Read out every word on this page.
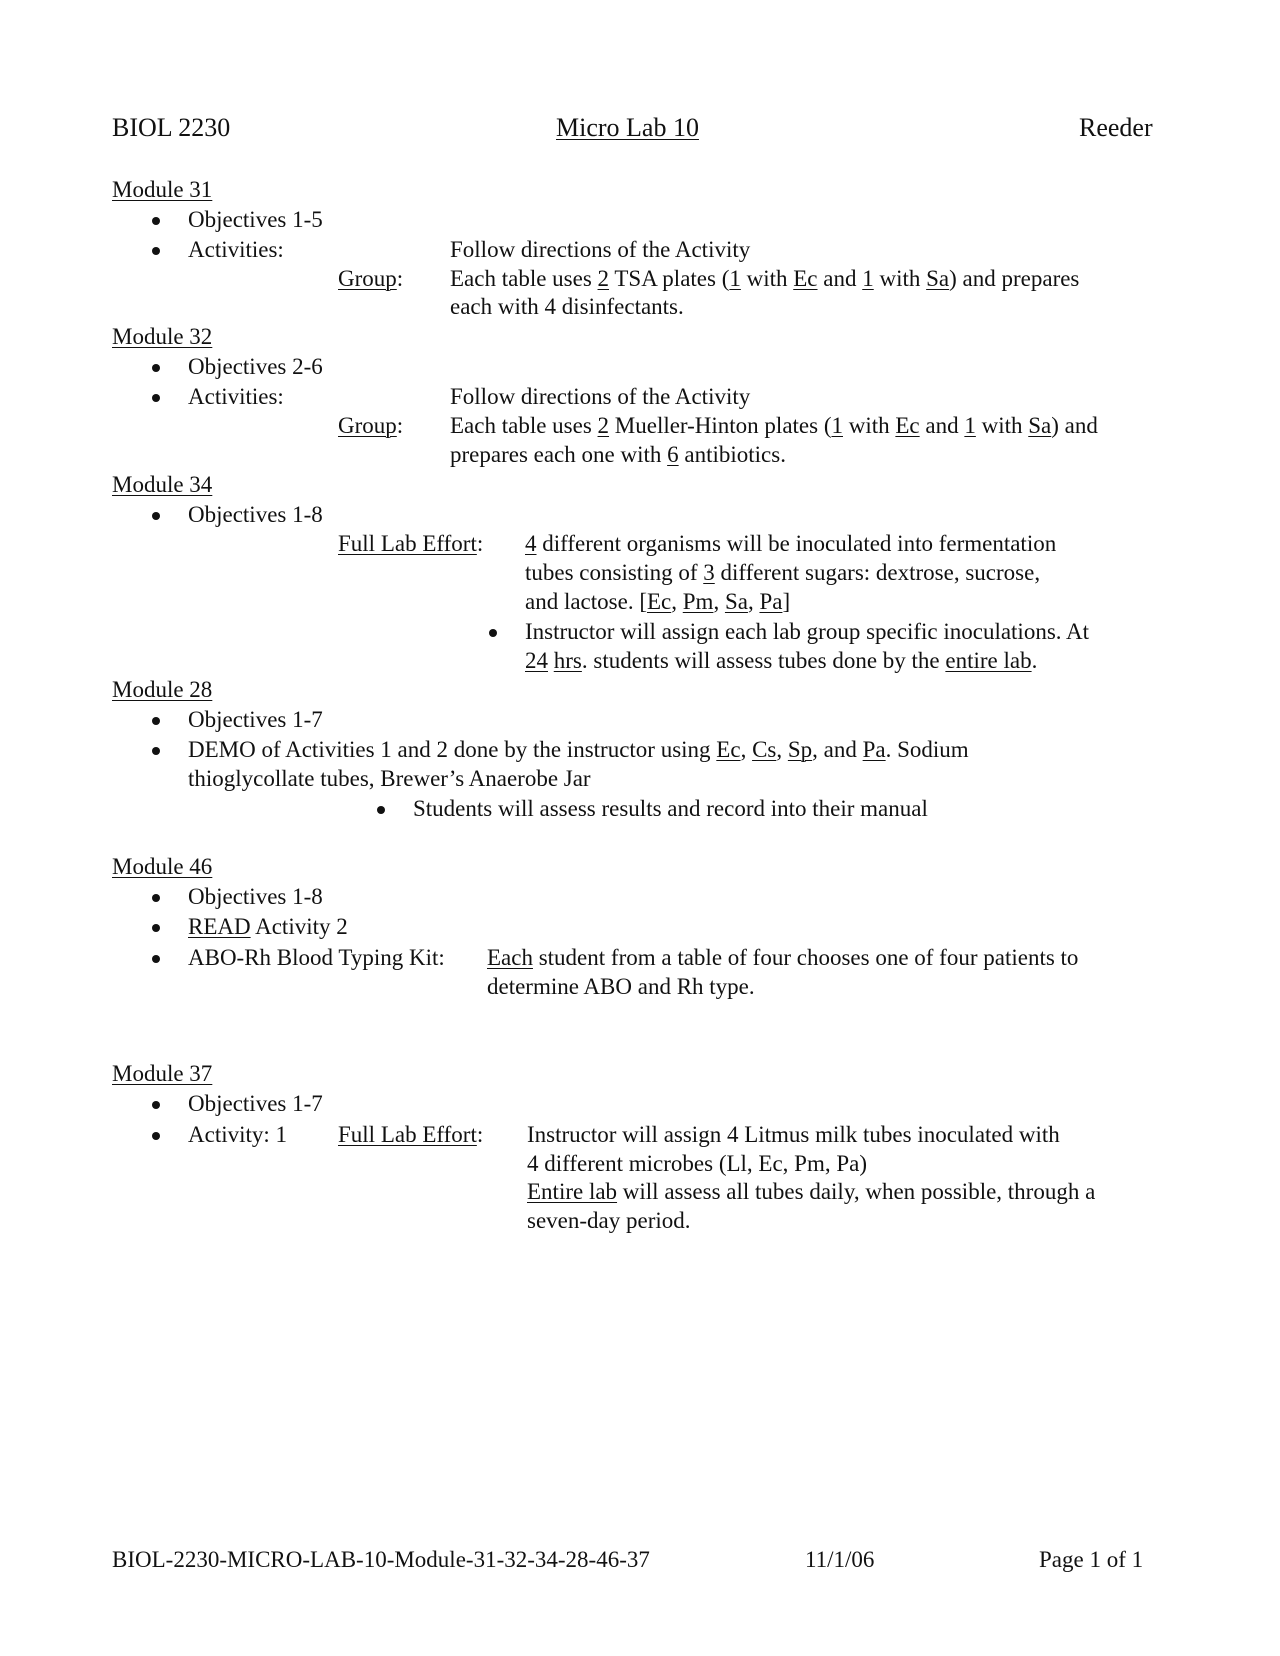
BIOL 2230	Micro Lab 10	Reeder
Module 31
Objectives 1-5
Activities:	Follow directions of the Activity
Group: Each table uses 2 TSA plates (1 with Ec and 1 with Sa) and prepares
each with 4 disinfectants.
Module 32
Objectives 2-6
Activities:	Follow directions of the Activity
Group: Each table uses 2 Mueller-Hinton plates (1 with Ec and 1 with Sa) and
prepares each one with 6 antibiotics.
Module 34
Objectives 1-8
Full Lab Effort: 4 different organisms will be inoculated into fermentation
tubes consisting of 3 different sugars: dextrose, sucrose,
and lactose. [Ec, Pm, Sa, Pa]
Instructor will assign each lab group specific inoculations. At
24 hrs. students will assess tubes done by the entire lab.
Module 28
Objectives 1-7
DEMO of Activities 1 and 2 done by the instructor using Ec, Cs, Sp, and Pa. Sodium
thioglycollate tubes, Brewer’s Anaerobe Jar
Students will assess results and record into their manual
Module 46
Objectives 1-8
READ Activity 2
ABO-Rh Blood Typing Kit: Each student from a table of four chooses one of four patients to
determine ABO and Rh type.
Module 37
Objectives 1-7
Activity: 1 Full Lab Effort: Instructor will assign 4 Litmus milk tubes inoculated with
4 different microbes (Ll, Ec, Pm, Pa)
Entire lab will assess all tubes daily, when possible, through a
seven-day period.
BIOL-2230-MICRO-LAB-10-Module-31-32-34-28-46-37	11/1/06	Page 1 of 1
